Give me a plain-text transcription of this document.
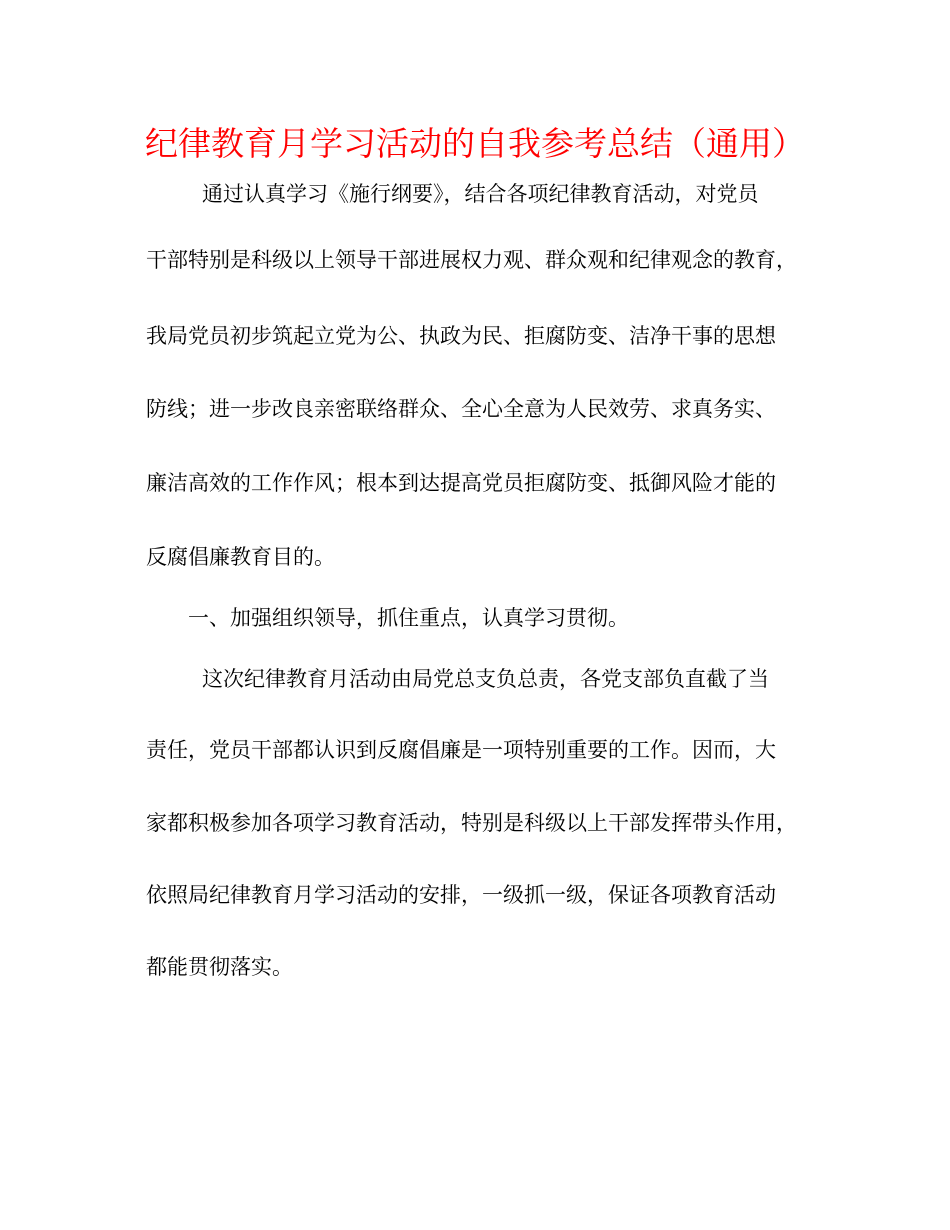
纪律教育月学习活动的自我参考总结（通用）

通过认真学习《施行纲要》，结合各项纪律教育活动，对党员

干部特别是科级以上领导干部进展权力观、群众观和纪律观念的教育，

我局党员初步筑起立党为公、执政为民、拒腐防变、洁净干事的思想

防线；进一步改良亲密联络群众、全心全意为人民效劳、求真务实、

廉洁高效的工作作风；根本到达提高党员拒腐防变、抵御风险才能的

反腐倡廉教育目的。

一、加强组织领导，抓住重点，认真学习贯彻。

这次纪律教育月活动由局党总支负总责，各党支部负直截了当

责任，党员干部都认识到反腐倡廉是一项特别重要的工作。因而，大

家都积极参加各项学习教育活动，特别是科级以上干部发挥带头作用，

依照局纪律教育月学习活动的安排，一级抓一级，保证各项教育活动

都能贯彻落实。
